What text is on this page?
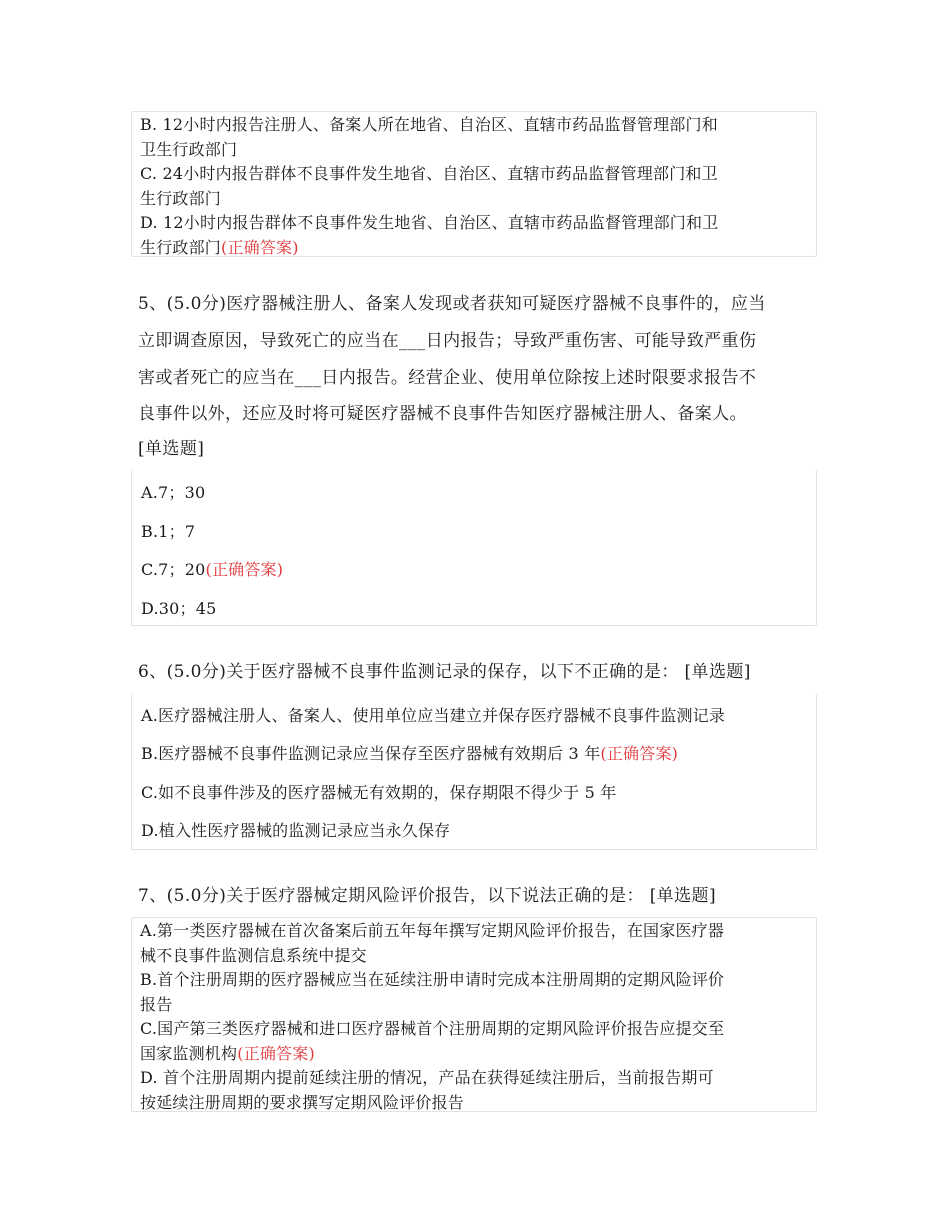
B. 12小时内报告注册人、备案人所在地省、自治区、直辖市药品监督管理部门和
卫生行政部门
C. 24小时内报告群体不良事件发生地省、自治区、直辖市药品监督管理部门和卫
生行政部门
D. 12小时内报告群体不良事件发生地省、自治区、直辖市药品监督管理部门和卫
生行政部门(正确答案)
5、(5.0分)医疗器械注册人、备案人发现或者获知可疑医疗器械不良事件的，应当
立即调查原因，导致死亡的应当在___日内报告；导致严重伤害、可能导致严重伤
害或者死亡的应当在___日内报告。经营企业、使用单位除按上述时限要求报告不
良事件以外，还应及时将可疑医疗器械不良事件告知医疗器械注册人、备案人。
[单选题]
A.7；30
B.1；7
C.7；20(正确答案)
D.30；45
6、(5.0分)关于医疗器械不良事件监测记录的保存，以下不正确的是： [单选题]
A.医疗器械注册人、备案人、使用单位应当建立并保存医疗器械不良事件监测记录
B.医疗器械不良事件监测记录应当保存至医疗器械有效期后 3 年(正确答案)
C.如不良事件涉及的医疗器械无有效期的，保存期限不得少于 5 年
D.植入性医疗器械的监测记录应当永久保存
7、(5.0分)关于医疗器械定期风险评价报告，以下说法正确的是： [单选题]
A.第一类医疗器械在首次备案后前五年每年撰写定期风险评价报告，在国家医疗器
械不良事件监测信息系统中提交
B.首个注册周期的医疗器械应当在延续注册申请时完成本注册周期的定期风险评价
报告
C.国产第三类医疗器械和进口医疗器械首个注册周期的定期风险评价报告应提交至
国家监测机构(正确答案)
D. 首个注册周期内提前延续注册的情况，产品在获得延续注册后，当前报告期可
按延续注册周期的要求撰写定期风险评价报告
